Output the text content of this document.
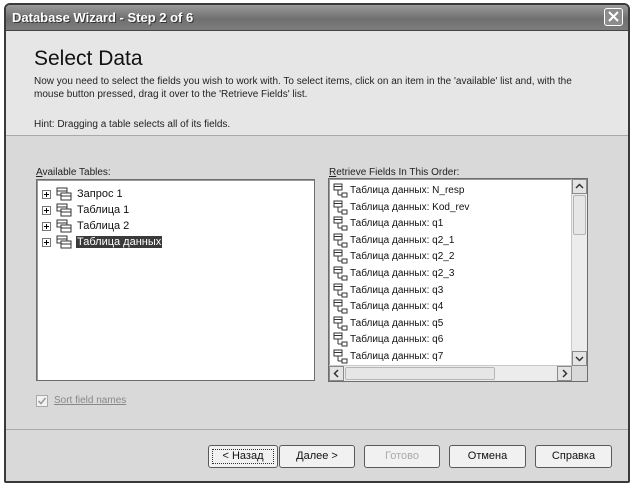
Database Wizard - Step 2 of 6
Select Data
Now you need to select the fields you wish to work with. To select items, click on an item in the 'available' list and, with the mouse button pressed, drag it over to the 'Retrieve Fields' list.
Hint: Dragging a table selects all of its fields.
Available Tables:
Запрос 1
Таблица 1
Таблица 2
Таблица данных
Retrieve Fields In This Order:
Таблица данных: q7
Таблица данных: q6
Таблица данных: q5
Таблица данных: q4
Таблица данных: q3
Таблица данных: q2_3
Таблица данных: q2_2
Таблица данных: q2_1
Таблица данных: q1
Таблица данных: Kod_rev
Таблица данных: N_resp
Sort field names
< Назад	Далее >	Готово	Отмена	Справка
